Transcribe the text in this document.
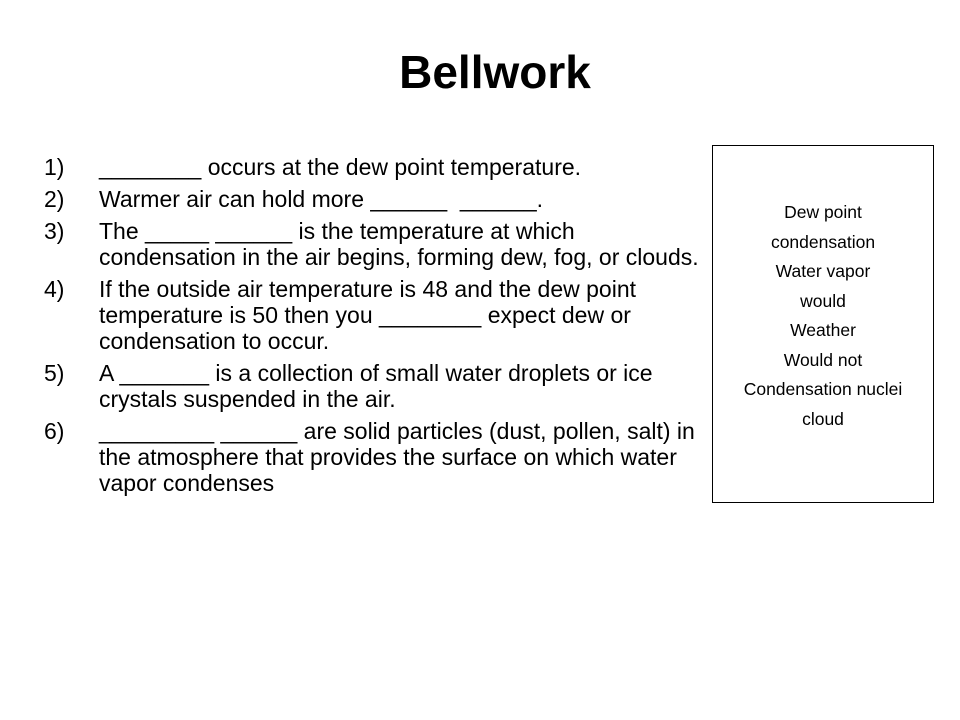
Bellwork
1) ________ occurs at the dew point temperature.
2) Warmer air can hold more ______  ______.
3) The _____ ______ is the temperature at which condensation in the air begins, forming dew, fog, or clouds.
4) If the outside air temperature is 48 and the dew point temperature is 50 then you ________ expect dew or condensation to occur.
5) A _______ is a collection of small water droplets or ice crystals suspended in the air.
6) _________ ______ are solid particles (dust, pollen, salt) in the atmosphere that provides the surface on which water vapor condenses
Dew point
condensation
Water vapor
would
Weather
Would not
Condensation nuclei
cloud
